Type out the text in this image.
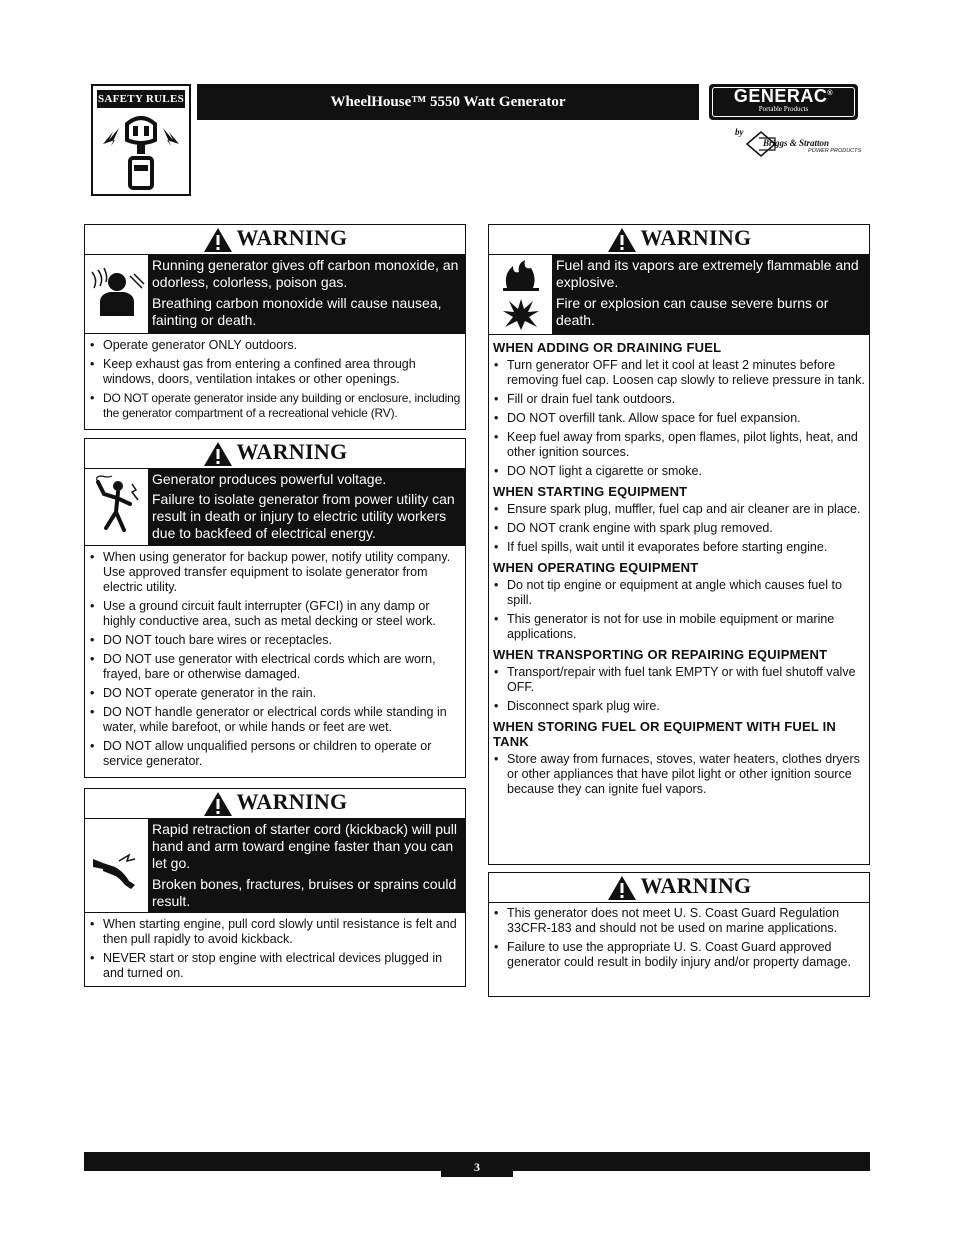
SAFETY RULES	WheelHouse™ 5550 Watt Generator	GENERAC®
Portable Products
by
Briggs & Stratton
POWER PRODUCTS
WARNING

Running generator gives off carbon monoxide, an odorless, colorless, poison gas.

Breathing carbon monoxide will cause nausea, fainting or death.

• Operate generator ONLY outdoors.
• Keep exhaust gas from entering a confined area through windows, doors, ventilation intakes or other openings.
• DO NOT operate generator inside any building or enclosure, including the generator compartment of a recreational vehicle (RV).
WARNING

Generator produces powerful voltage.

Failure to isolate generator from power utility can result in death or injury to electric utility workers due to backfeed of electrical energy.

• When using generator for backup power, notify utility company. Use approved transfer equipment to isolate generator from electric utility.
• Use a ground circuit fault interrupter (GFCI) in any damp or highly conductive area, such as metal decking or steel work.
• DO NOT touch bare wires or receptacles.
• DO NOT use generator with electrical cords which are worn, frayed, bare or otherwise damaged.
• DO NOT operate generator in the rain.
• DO NOT handle generator or electrical cords while standing in water, while barefoot, or while hands or feet are wet.
• DO NOT allow unqualified persons or children to operate or service generator.
WARNING

Rapid retraction of starter cord (kickback) will pull hand and arm toward engine faster than you can let go.

Broken bones, fractures, bruises or sprains could result.

• When starting engine, pull cord slowly until resistance is felt and then pull rapidly to avoid kickback.
• NEVER start or stop engine with electrical devices plugged in and turned on.
WARNING

Fuel and its vapors are extremely flammable and explosive.

Fire or explosion can cause severe burns or death.

WHEN ADDING OR DRAINING FUEL
• Turn generator OFF and let it cool at least 2 minutes before removing fuel cap. Loosen cap slowly to relieve pressure in tank.
• Fill or drain fuel tank outdoors.
• DO NOT overfill tank. Allow space for fuel expansion.
• Keep fuel away from sparks, open flames, pilot lights, heat, and other ignition sources.
• DO NOT light a cigarette or smoke.
WHEN STARTING EQUIPMENT
• Ensure spark plug, muffler, fuel cap and air cleaner are in place.
• DO NOT crank engine with spark plug removed.
• If fuel spills, wait until it evaporates before starting engine.
WHEN OPERATING EQUIPMENT
• Do not tip engine or equipment at angle which causes fuel to spill.
• This generator is not for use in mobile equipment or marine applications.
WHEN TRANSPORTING OR REPAIRING EQUIPMENT
• Transport/repair with fuel tank EMPTY or with fuel shutoff valve OFF.
• Disconnect spark plug wire.
WHEN STORING FUEL OR EQUIPMENT WITH FUEL IN TANK
• Store away from furnaces, stoves, water heaters, clothes dryers or other appliances that have pilot light or other ignition source because they can ignite fuel vapors.
WARNING
• This generator does not meet U. S. Coast Guard Regulation 33CFR-183 and should not be used on marine applications.
• Failure to use the appropriate U. S. Coast Guard approved generator could result in bodily injury and/or property damage.
3
